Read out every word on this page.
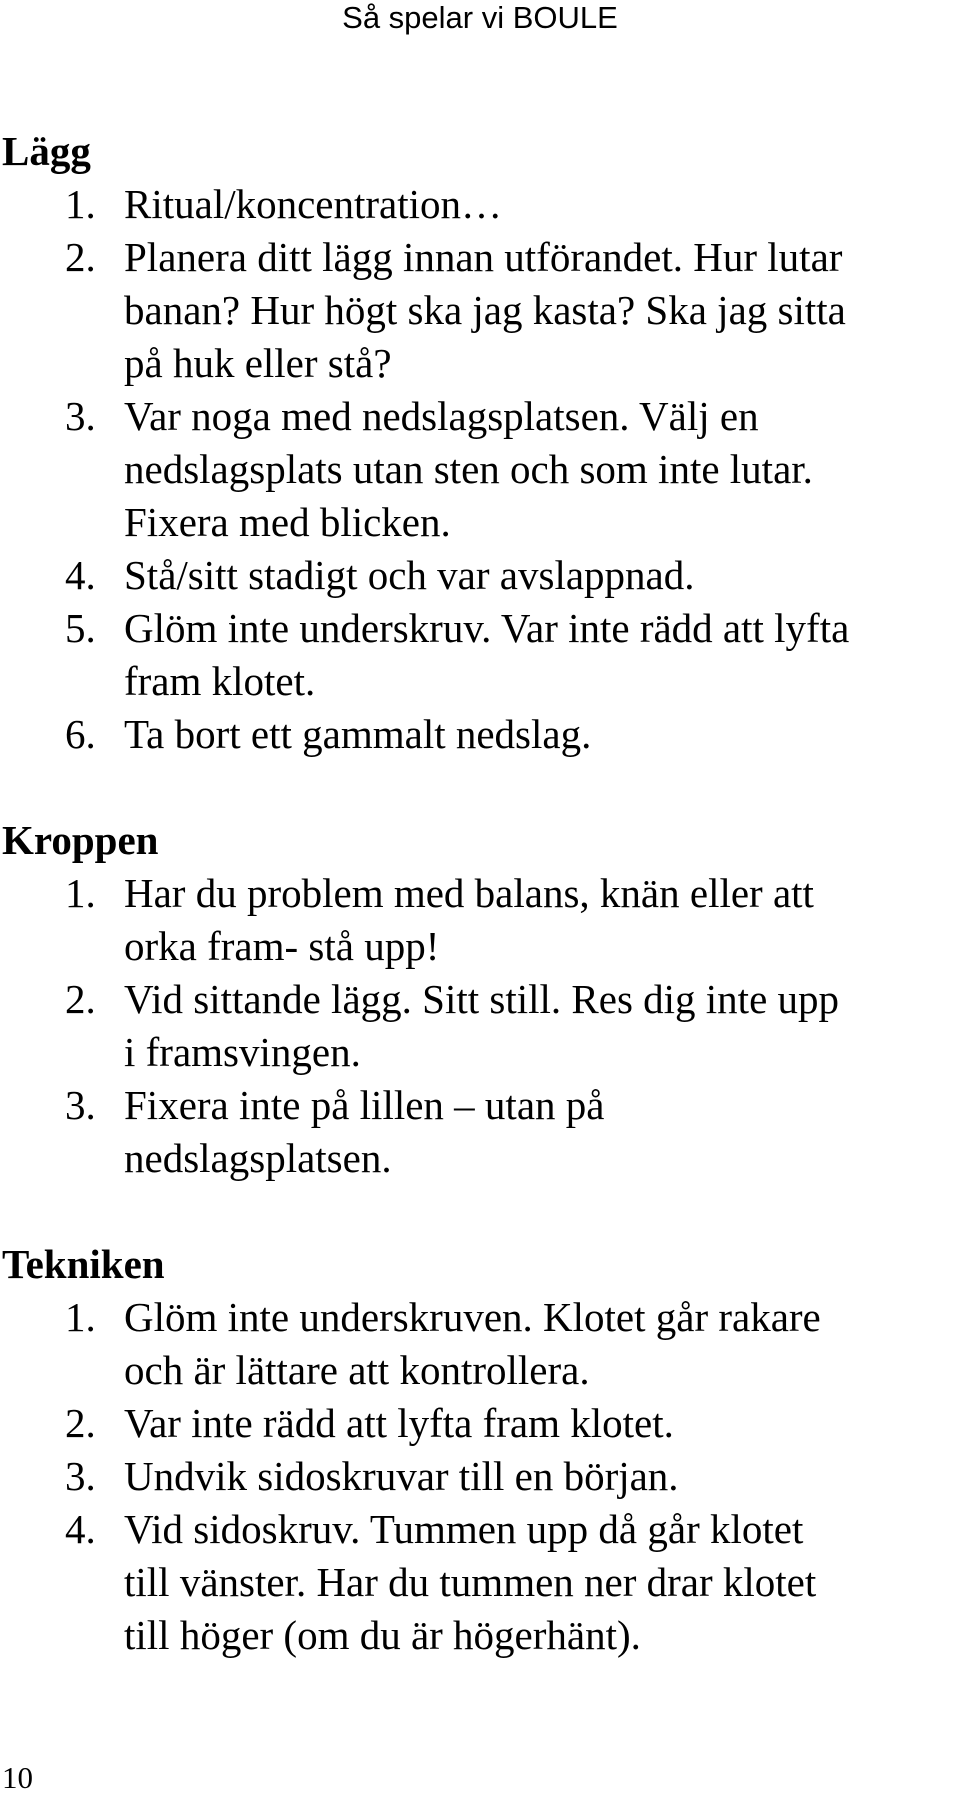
Så spelar vi BOULE
Lägg
1. Ritual/koncentration…
2. Planera ditt lägg innan utförandet. Hur lutar
banan? Hur högt ska jag kasta? Ska jag sitta
på huk eller stå?
3. Var noga med nedslagsplatsen. Välj en
nedslagsplats utan sten och som inte lutar.
Fixera med blicken.
4. Stå/sitt stadigt och var avslappnad.
5. Glöm inte underskruv. Var inte rädd att lyfta
fram klotet.
6. Ta bort ett gammalt nedslag.
Kroppen
1. Har du problem med balans, knän eller att
orka fram- stå upp!
2. Vid sittande lägg. Sitt still. Res dig inte upp
i framsvingen.
3. Fixera inte på lillen – utan på
nedslagsplatsen.
Tekniken
1. Glöm inte underskruven. Klotet går rakare
och är lättare att kontrollera.
2. Var inte rädd att lyfta fram klotet.
3. Undvik sidoskruvar till en början.
4. Vid sidoskruv. Tummen upp då går klotet
till vänster. Har du tummen ner drar klotet
till höger (om du är högerhänt).
10
